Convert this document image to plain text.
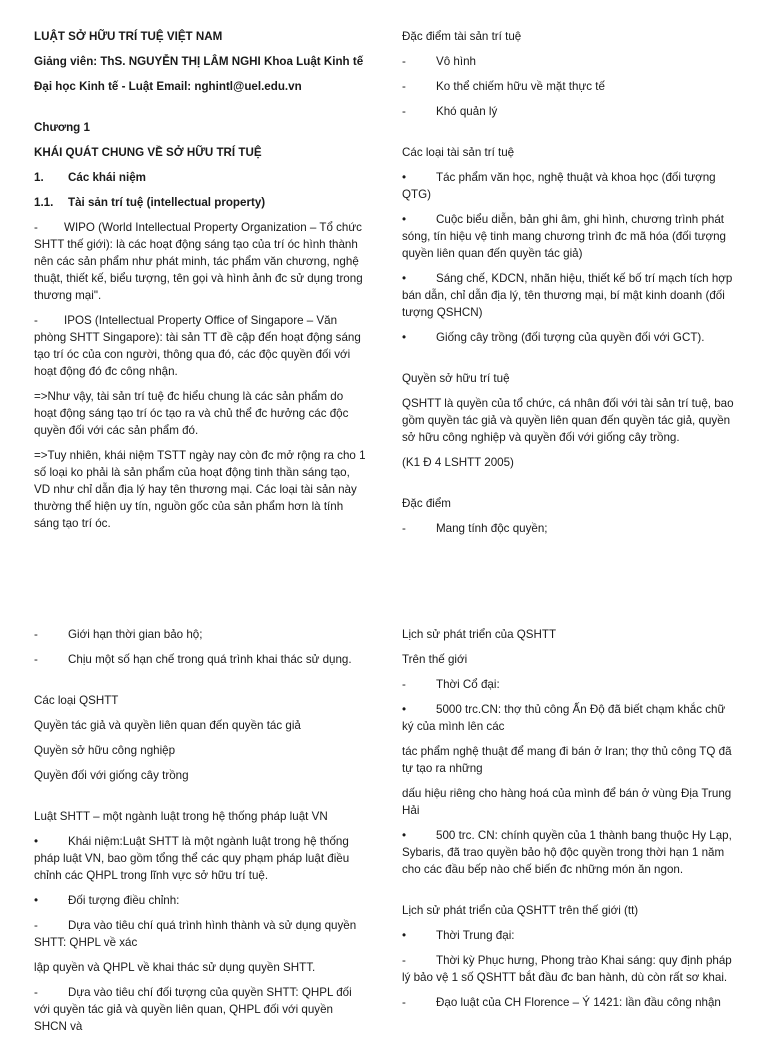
LUẬT SỞ HỮU TRÍ TUỆ VIỆT NAM

Giảng viên: ThS. NGUYỄN THỊ LÂM NGHI Khoa Luật Kinh tế

Đại học Kinh tế - Luật Email: nghintl@uel.edu.vn

Chương 1

KHÁI QUÁT CHUNG VỀ SỞ HỮU TRÍ TUỆ

1.	Các khái niệm
1.1.	Tài sản trí tuệ (intellectual property)

- WIPO (World Intellectual Property Organization – Tổ chức SHTT thế giới): là các hoạt động sáng tạo của trí óc hình thành nên các sản phẩm như phát minh, tác phẩm văn chương, nghệ thuật, thiết kế, biểu tượng, tên gọi và hình ảnh đc sử dụng trong thương mại".

- IPOS (Intellectual Property Office of Singapore – Văn phòng SHTT Singapore): tài sản TT đề cập đến hoạt động sáng tạo trí óc của con người, thông qua đó, các độc quyền đối với hoạt động đó đc công nhận.

=>Như vậy, tài sản trí tuệ đc hiểu chung là các sản phẩm do hoạt động sáng tạo trí óc tạo ra và chủ thể đc hưởng các độc quyền đối với các sản phẩm đó.

=>Tuy nhiên, khái niệm TSTT ngày nay còn đc mở rộng ra cho 1 số loại ko phải là sản phẩm của hoạt động tinh thần sáng tạo, VD như chỉ dẫn địa lý hay tên thương mại. Các loại tài sản này thường thể hiện uy tín, nguồn gốc của sản phẩm hơn là tính sáng tạo trí óc.

Đặc điểm tài sản trí tuệ

-	Vô hình
-	Ko thể chiếm hữu về mặt thực tế
-	Khó quản lý

Các loại tài sản trí tuệ

•	Tác phẩm văn học, nghệ thuật và khoa học (đối tượng QTG)

•	Cuộc biểu diễn, bản ghi âm, ghi hình, chương trình phát sóng, tín hiệu vệ tinh mang chương trình đc mã hóa (đối tượng quyền liên quan đến quyền tác giả)

•	Sáng chế, KDCN, nhãn hiệu, thiết kế bố trí mạch tích hợp bán dẫn, chỉ dẫn địa lý, tên thương mại, bí mật kinh doanh (đối tượng QSHCN)

•	Giống cây trồng (đối tượng của quyền đối với GCT).

Quyền sở hữu trí tuệ

QSHTT là quyền của tổ chức, cá nhân đối với tài sản trí tuệ, bao gồm quyền tác giả và quyền liên quan đến quyền tác giả, quyền sở hữu công nghiệp và quyền đối với giống cây trồng.

(K1 Đ 4 LSHTT 2005)

Đặc điểm

-	Mang tính độc quyền;
-	Giới hạn thời gian bảo hộ;
-	Chịu một số hạn chế trong quá trình khai thác sử dụng.

Các loại QSHTT

Quyền tác giả và quyền liên quan đến quyền tác giả

Quyền sở hữu công nghiệp

Quyền đối với giống cây trồng

Luật SHTT – một ngành luật trong hệ thống pháp luật VN

•	Khái niệm:Luật SHTT là một ngành luật trong hệ thống pháp luật VN, bao gồm tổng thể các quy phạm pháp luật điều chỉnh các QHPL trong lĩnh vực sở hữu trí tuệ.

•	Đối tượng điều chỉnh:

-	Dựa vào tiêu chí quá trình hình thành và sử dụng quyền SHTT: QHPL về xác

lập quyền và QHPL về khai thác sử dụng quyền SHTT.

-	Dựa vào tiêu chí đối tượng của quyền SHTT: QHPL đối với quyền tác giả và quyền liên quan, QHPL đối với quyền SHCN và

Lịch sử phát triển của QSHTT

Trên thế giới

-	Thời Cổ đại:

•	5000 trc.CN: thợ thủ công Ấn Độ đã biết chạm khắc chữ ký của mình lên các

tác phẩm nghệ thuật để mang đi bán ở Iran; thợ thủ công TQ đã tự tạo ra những

dấu hiệu riêng cho hàng hoá của mình để bán ở vùng Địa Trung Hải

•	500 trc. CN: chính quyền của 1 thành bang thuộc Hy Lạp, Sybaris, đã trao quyền bảo hộ độc quyền trong thời hạn 1 năm cho các đầu bếp nào chế biến đc những món ăn ngon.

Lịch sử phát triển của QSHTT trên thế giới (tt)

•	Thời Trung đại:

-	Thời kỳ Phục hưng, Phong trào Khai sáng: quy định pháp lý bảo vệ 1 số QSHTT bắt đầu đc ban hành, dù còn rất sơ khai.

-	Đạo luật của CH Florence – Ý 1421: lần đầu công nhận
